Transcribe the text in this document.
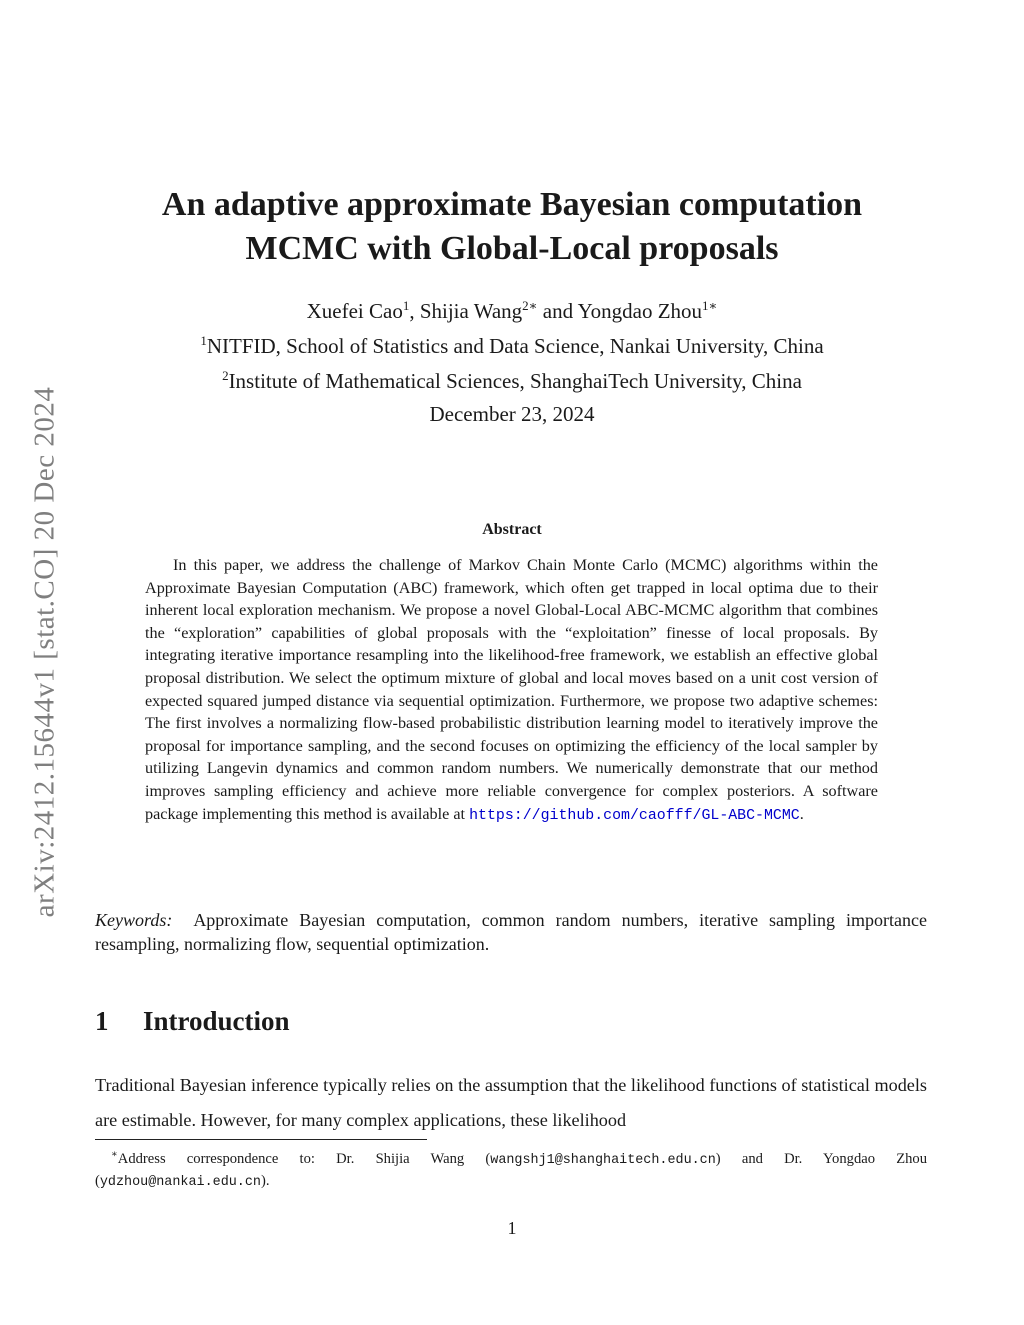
arXiv:2412.15644v1 [stat.CO] 20 Dec 2024
An adaptive approximate Bayesian computation
MCMC with Global-Local proposals
Xuefei Cao$^1$, Shijia Wang$^{2∗}$ and Yongdao Zhou$^{1∗}$
$^1$NITFID, School of Statistics and Data Science, Nankai University, China
$^2$Institute of Mathematical Sciences, ShanghaiTech University, China
December 23, 2024
Abstract

In this paper, we address the challenge of Markov Chain Monte Carlo (MCMC) algorithms within the Approximate Bayesian Computation (ABC) framework, which often get trapped in local optima due to their inherent local exploration mechanism. We propose a novel Global-Local ABC-MCMC algorithm that combines the “exploration” capabilities of global proposals with the “exploitation” finesse of local proposals. By integrating iterative importance resampling into the likelihood-free framework, we establish an effective global proposal distribution. We select the optimum mixture of global and local moves based on a unit cost version of expected squared jumped distance via sequential optimization. Furthermore, we propose two adaptive schemes: The first involves a normalizing flow-based probabilistic distribution learning model to iteratively improve the proposal for importance sampling, and the second focuses on optimizing the efficiency of the local sampler by utilizing Langevin dynamics and common random numbers. We numerically demonstrate that our method improves sampling efficiency and achieve more reliable convergence for complex posteriors. A software package implementing this method is available at https://github.com/caofff/GL-ABC-MCMC.

Keywords: Approximate Bayesian computation, common random numbers, iterative sampling importance resampling, normalizing flow, sequential optimization.

1 Introduction

Traditional Bayesian inference typically relies on the assumption that the likelihood functions of statistical models are estimable. However, for many complex applications, these likelihood

∗Address correspondence to: Dr. Shijia Wang (wangshj1@shanghaitech.edu.cn) and Dr. Yongdao Zhou (ydzhou@nankai.edu.cn).

1
